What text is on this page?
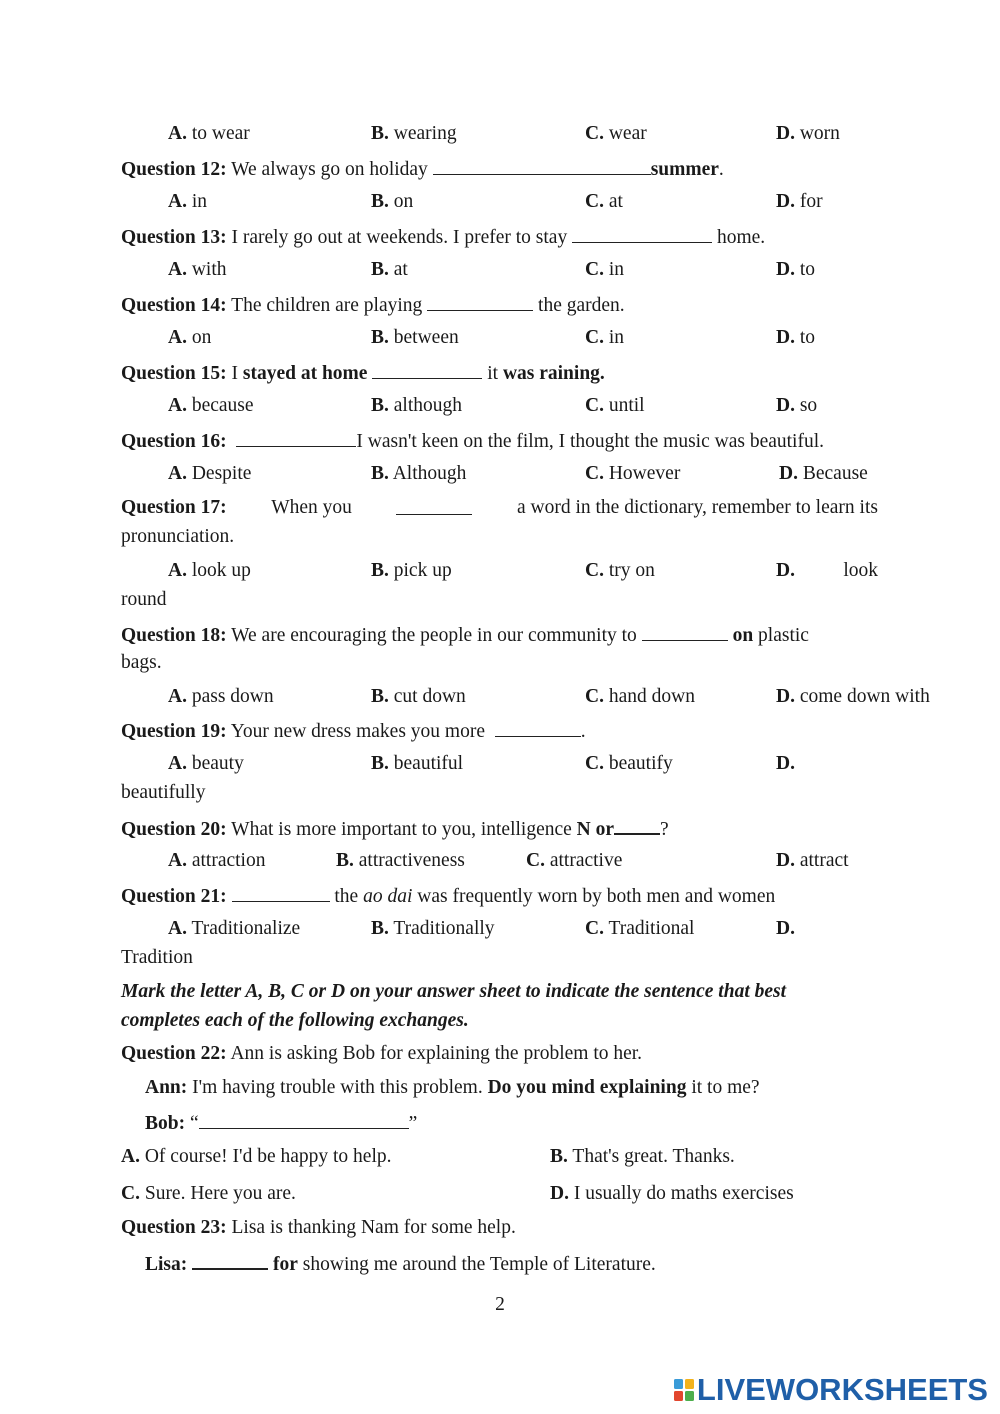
A. to wear	B. wearing	C. wear	D. worn
Question 12: We always go on holiday	summer.
A. in	B. on	C. at	D. for
Question 13: I rarely go out at weekends. I prefer to stay	home.
A. with	B. at	C. in	D. to
Question 14: The children are playing	the garden.
A. on	B. between	C. in	D. to
Question 15: I stayed at home	it was raining.
A. because	B. although	C. until	D. so
Question 16:	I wasn't keen on the film, I thought the music was beautiful.
A. Despite	B. Although	C. However	D. Because
Question 17: When you	a word in the dictionary, remember to learn its
pronunciation.
A. look up	B. pick up	C. try on	D. look
round
Question 18: We are encouraging the people in our community to	on plastic
bags.
A. pass down	B. cut down	C. hand down	D. come down with
Question 19: Your new dress makes you more	.
A. beauty	B. beautiful	C. beautify	D.
beautifully
Question 20: What is more important to you, intelligence N or ?
A. attraction	B. attractiveness	C. attractive	D. attract
Question 21:	the ao dai was frequently worn by both men and women
A. Traditionalize	B. Traditionally	C. Traditional	D.
Tradition
Mark the letter A, B, C or D on your answer sheet to indicate the sentence that best
completes each of the following exchanges.
Question 22: Ann is asking Bob for explaining the problem to her.
Ann: I'm having trouble with this problem. Do you mind explaining it to me?
Bob: “	”
A. Of course! I'd be happy to help.	B. That's great. Thanks.
C. Sure. Here you are.	D. I usually do maths exercises
Question 23: Lisa is thanking Nam for some help.
Lisa:	for showing me around the Temple of Literature.
2
LIVEWORKSHEETS
